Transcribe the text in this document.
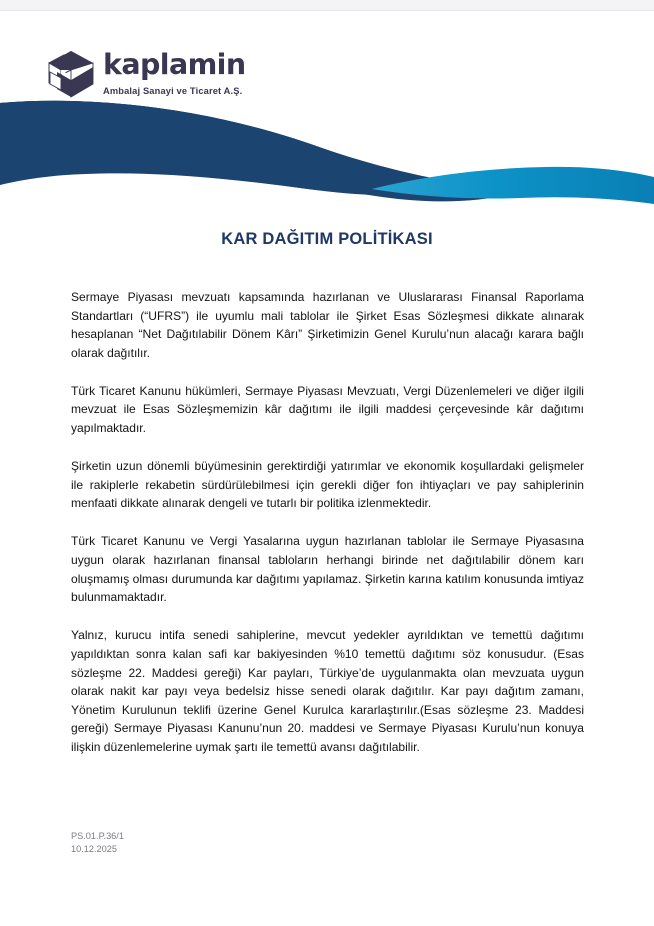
kaplamin
Ambalaj Sanayi ve Ticaret A.Ş.
KAR DAĞITIM POLİTİKASI

Sermaye Piyasası mevzuatı kapsamında hazırlanan ve Uluslararası Finansal Raporlama Standartları (“UFRS”) ile uyumlu mali tablolar ile Şirket Esas Sözleşmesi dikkate alınarak hesaplanan “Net Dağıtılabilir Dönem Kârı” Şirketimizin Genel Kurulu’nun alacağı karara bağlı olarak dağıtılır.

Türk Ticaret Kanunu hükümleri, Sermaye Piyasası Mevzuatı, Vergi Düzenlemeleri ve diğer ilgili mevzuat ile Esas Sözleşmemizin kâr dağıtımı ile ilgili maddesi çerçevesinde kâr dağıtımı yapılmaktadır.

Şirketin uzun dönemli büyümesinin gerektirdiği yatırımlar ve ekonomik koşullardaki gelişmeler ile rakiplerle rekabetin sürdürülebilmesi için gerekli diğer fon ihtiyaçları ve pay sahiplerinin menfaati dikkate alınarak dengeli ve tutarlı bir politika izlenmektedir.

Türk Ticaret Kanunu ve Vergi Yasalarına uygun hazırlanan tablolar ile Sermaye Piyasasına uygun olarak hazırlanan finansal tabloların herhangi birinde net dağıtılabilir dönem karı oluşmamış olması durumunda kar dağıtımı yapılamaz. Şirketin karına katılım konusunda imtiyaz bulunmamaktadır.

Yalnız, kurucu intifa senedi sahiplerine, mevcut yedekler ayrıldıktan ve temettü dağıtımı yapıldıktan sonra kalan safi kar bakiyesinden %10 temettü dağıtımı söz konusudur. (Esas sözleşme 22. Maddesi gereği) Kar payları, Türkiye’de uygulanmakta olan mevzuata uygun olarak nakit kar payı veya bedelsiz hisse senedi olarak dağıtılır. Kar payı dağıtım zamanı, Yönetim Kurulunun teklifi üzerine Genel Kurulca kararlaştırılır.(Esas sözleşme 23. Maddesi gereği) Sermaye Piyasası Kanunu’nun 20. maddesi ve Sermaye Piyasası Kurulu’nun konuya ilişkin düzenlemelerine uymak şartı ile temettü avansı dağıtılabilir.

PS.01.P.36/1
10.12.2025
